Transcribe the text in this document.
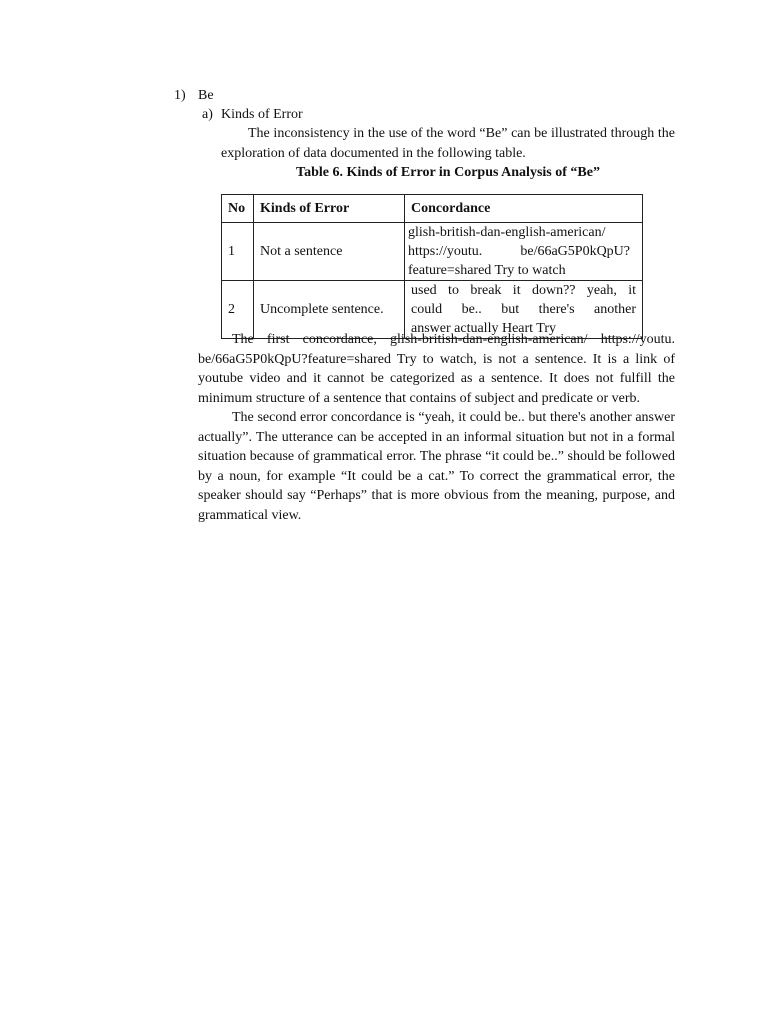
1) Be
a) Kinds of Error

The inconsistency in the use of the word “Be” can be illustrated through the exploration of data documented in the following table.

Table 6. Kinds of Error in Corpus Analysis of “Be”
No	Kinds of Error	Concordance
1	Not a sentence	glish-british-dan-english-american/
https://youtu. be/66aG5P0kQpU?
feature=shared Try to watch

2	Uncomplete sentence.	used to break it down?? yeah, it
could be.. but there's another
answer actually Heart Try

The first concordance, glish-british-dan-english-american/ https://youtu. be/66aG5P0kQpU?feature=shared Try to watch, is not a sentence. It is a link of youtube video and it cannot be categorized as a sentence. It does not fulfill the minimum structure of a sentence that contains of subject and predicate or verb.

The second error concordance is “yeah, it could be.. but there's another answer actually”. The utterance can be accepted in an informal situation but not in a formal situation because of grammatical error. The phrase “it could be..” should be followed by a noun, for example “It could be a cat.” To correct the grammatical error, the speaker should say “Perhaps” that is more obvious from the meaning, purpose, and grammatical view.
